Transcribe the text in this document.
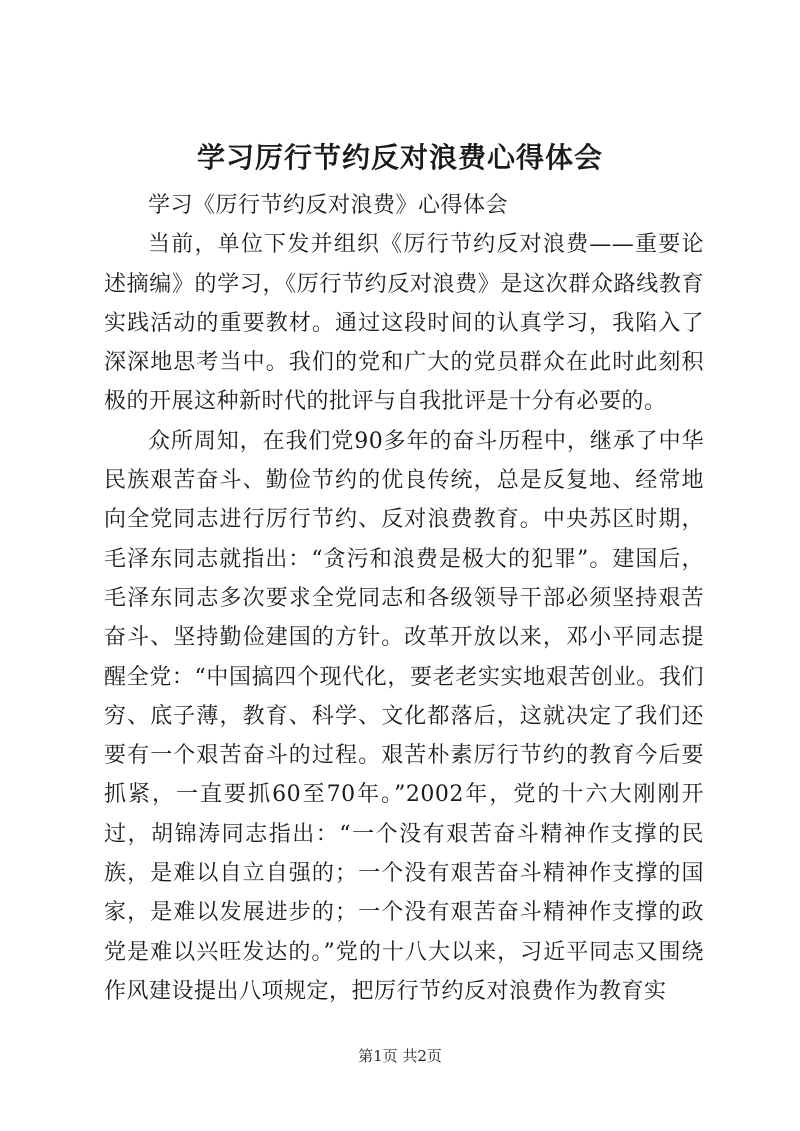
学习厉行节约反对浪费心得体会

学习《厉行节约反对浪费》心得体会

当前，单位下发并组织《厉行节约反对浪费——重要论述摘编》的学习，《厉行节约反对浪费》是这次群众路线教育实践活动的重要教材。通过这段时间的认真学习，我陷入了深深地思考当中。我们的党和广大的党员群众在此时此刻积极的开展这种新时代的批评与自我批评是十分有必要的。

众所周知，在我们党90多年的奋斗历程中，继承了中华民族艰苦奋斗、勤俭节约的优良传统，总是反复地、经常地向全党同志进行厉行节约、反对浪费教育。中央苏区时期，毛泽东同志就指出：“贪污和浪费是极大的犯罪”。建国后，毛泽东同志多次要求全党同志和各级领导干部必须坚持艰苦奋斗、坚持勤俭建国的方针。改革开放以来，邓小平同志提醒全党：“中国搞四个现代化，要老老实实地艰苦创业。我们穷、底子薄，教育、科学、文化都落后，这就决定了我们还要有一个艰苦奋斗的过程。艰苦朴素厉行节约的教育今后要抓紧，一直要抓60至70年。”2002年，党的十六大刚刚开过，胡锦涛同志指出：“一个没有艰苦奋斗精神作支撑的民族，是难以自立自强的；一个没有艰苦奋斗精神作支撑的国家，是难以发展进步的；一个没有艰苦奋斗精神作支撑的政党是难以兴旺发达的。”党的十八大以来，习近平同志又围绕作风建设提出八项规定，把厉行节约反对浪费作为教育实

第1页 共2页
